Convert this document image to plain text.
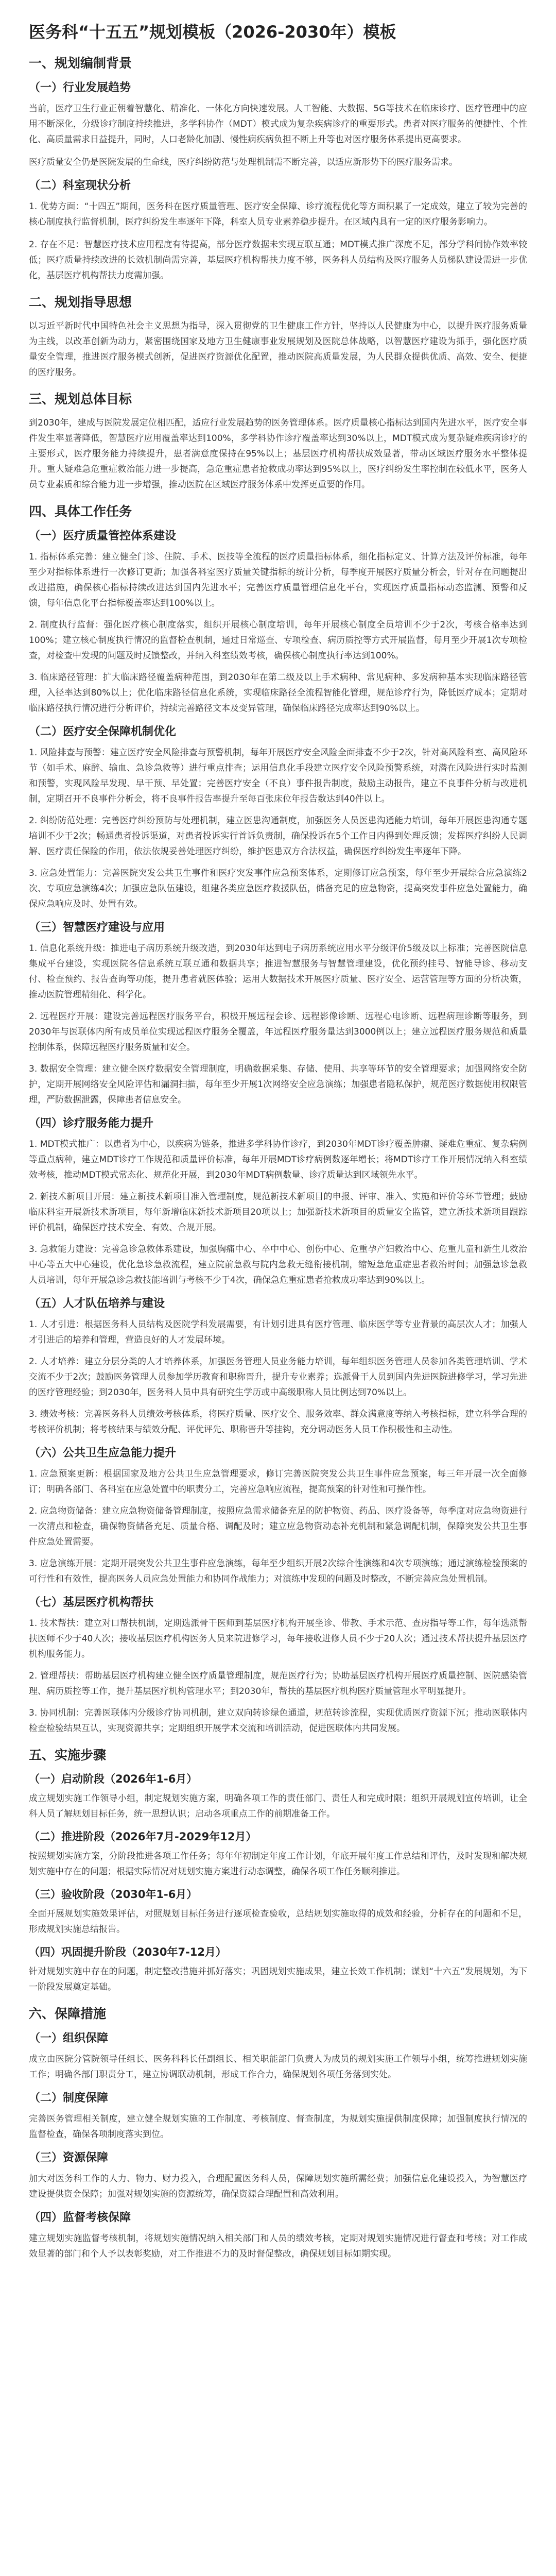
医务科“十五五”规划模板（2026-2030年）模板
一、规划编制背景
（一）行业发展趋势

当前，医疗卫生行业正朝着智慧化、精准化、一体化方向快速发展。人工智能、大数据、5G等技术在临床诊疗、医疗管理中的应用不断深化，分级诊疗制度持续推进，多学科协作（MDT）模式成为复杂疾病诊疗的重要形式。患者对医疗服务的便捷性、个性化、高质量需求日益提升，同时，人口老龄化加剧、慢性病疾病负担不断上升等也对医疗服务体系提出更高要求。

医疗质量安全仍是医院发展的生命线，医疗纠纷防范与处理机制需不断完善，以适应新形势下的医疗服务需求。

（二）科室现状分析

1. 优势方面：“十四五”期间，医务科在医疗质量管理、医疗安全保障、诊疗流程优化等方面积累了一定成效，建立了较为完善的核心制度执行监督机制，医疗纠纷发生率逐年下降，科室人员专业素养稳步提升。在区域内具有一定的医疗服务影响力。

2. 存在不足：智慧医疗技术应用程度有待提高，部分医疗数据未实现互联互通；MDT模式推广深度不足，部分学科间协作效率较低；医疗质量持续改进的长效机制尚需完善，基层医疗机构帮扶力度不够，医务科人员结构及医疗服务人员梯队建设需进一步优化，基层医疗机构帮扶力度需加强。

二、规划指导思想

以习近平新时代中国特色社会主义思想为指导，深入贯彻党的卫生健康工作方针，坚持以人民健康为中心，以提升医疗服务质量为主线，以改革创新为动力，紧密围绕国家及地方卫生健康事业发展规划及医院总体战略，以智慧医疗建设为抓手，强化医疗质量安全管理，推进医疗服务模式创新，促进医疗资源优化配置，推动医院高质量发展，为人民群众提供优质、高效、安全、便捷的医疗服务。

三、规划总体目标

到2030年，建成与医院发展定位相匹配，适应行业发展趋势的医务管理体系。医疗质量核心指标达到国内先进水平，医疗安全事件发生率显著降低，智慧医疗应用覆盖率达到100%，多学科协作诊疗覆盖率达到30%以上，MDT模式成为复杂疑难疾病诊疗的主要形式，医疗服务能力持续提升，患者满意度保持在95%以上；基层医疗机构帮扶成效显著，带动区域医疗服务水平整体提升。重大疑难急危重症救治能力进一步提高，急危重症患者抢救成功率达到95%以上，医疗纠纷发生率控制在较低水平，医务人员专业素质和综合能力进一步增强，推动医院在区域医疗服务体系中发挥更重要的作用。

四、具体工作任务
（一）医疗质量管控体系建设

1. 指标体系完善：建立健全门诊、住院、手术、医技等全流程的医疗质量指标体系，细化指标定义、计算方法及评价标准，每年至少对指标体系进行一次修订更新；加强各科室医疗质量关键指标的统计分析，每季度开展医疗质量分析会，针对存在问题提出改进措施，确保核心指标持续改进达到国内先进水平；完善医疗质量管理信息化平台，实现医疗质量指标动态监测、预警和反馈，每年信息化平台指标覆盖率达到100%以上。

2. 制度执行监督：强化医疗核心制度落实，组织开展核心制度培训，每年开展核心制度全员培训不少于2次，考核合格率达到100%；建立核心制度执行情况的监督检查机制，通过日常巡查、专项检查、病历质控等方式开展监督，每月至少开展1次专项检查，对检查中发现的问题及时反馈整改，并纳入科室绩效考核，确保核心制度执行率达到100%。

3. 临床路径管理：扩大临床路径覆盖病种范围，到2030年在第二级及以上手术病种、常见病种、多发病种基本实现临床路径管理，入径率达到80%以上；优化临床路径信息化系统，实现临床路径全流程智能化管理，规范诊疗行为，降低医疗成本；定期对临床路径执行情况进行分析评价，持续完善路径文本及变异管理，确保临床路径完成率达到90%以上。

（二）医疗安全保障机制优化

1. 风险排查与预警：建立医疗安全风险排查与预警机制，每年开展医疗安全风险全面排查不少于2次，针对高风险科室、高风险环节（如手术、麻醉、输血、急诊急救等）进行重点排查；运用信息化手段建立医疗安全风险预警系统，对潜在风险进行实时监测和预警，实现风险早发现、早干预、早处置；完善医疗安全（不良）事件报告制度，鼓励主动报告，建立不良事件分析与改进机制，定期召开不良事件分析会，将不良事件报告率提升至每百张床位年报告数达到40件以上。

2. 纠纷防范处理：完善医疗纠纷预防与处理机制，建立医患沟通制度，加强医务人员医患沟通能力培训，每年开展医患沟通专题培训不少于2次；畅通患者投诉渠道，对患者投诉实行首诉负责制，确保投诉在5个工作日内得到处理反馈；发挥医疗纠纷人民调解、医疗责任保险的作用，依法依规妥善处理医疗纠纷，维护医患双方合法权益，确保医疗纠纷发生率逐年下降。

3. 应急处置能力：完善医院突发公共卫生事件和医疗突发事件应急预案体系，定期修订应急预案，每年至少开展综合应急演练2次、专项应急演练4次；加强应急队伍建设，组建各类应急医疗救援队伍，储备充足的应急物资，提高突发事件应急处置能力，确保应急响应及时、处置有效。

（三）智慧医疗建设与应用

1. 信息化系统升级：推进电子病历系统升级改造，到2030年达到电子病历系统应用水平分级评价5级及以上标准；完善医院信息集成平台建设，实现医院各信息系统互联互通和数据共享；推进智慧服务与智慧管理建设，优化预约挂号、智能导诊、移动支付、检查预约、报告查询等功能，提升患者就医体验；运用大数据技术开展医疗质量、医疗安全、运营管理等方面的分析决策，推动医院管理精细化、科学化。

2. 远程医疗开展：建设完善远程医疗服务平台，积极开展远程会诊、远程影像诊断、远程心电诊断、远程病理诊断等服务，到2030年与医联体内所有成员单位实现远程医疗服务全覆盖，年远程医疗服务量达到3000例以上；建立远程医疗服务规范和质量控制体系，保障远程医疗服务质量和安全。

3. 数据安全管理：建立健全医疗数据安全管理制度，明确数据采集、存储、使用、共享等环节的安全管理要求；加强网络安全防护，定期开展网络安全风险评估和漏洞扫描，每年至少开展1次网络安全应急演练；加强患者隐私保护，规范医疗数据使用权限管理，严防数据泄露，保障患者信息安全。

（四）诊疗服务能力提升

1. MDT模式推广：以患者为中心，以疾病为链条，推进多学科协作诊疗，到2030年MDT诊疗覆盖肿瘤、疑难危重症、复杂病例等重点病种，建立MDT诊疗工作规范和质量评价标准，每年开展MDT诊疗病例数逐年增长；将MDT诊疗工作开展情况纳入科室绩效考核，推动MDT模式常态化、规范化开展，到2030年MDT病例数量、诊疗质量达到区域领先水平。

2. 新技术新项目开展：建立新技术新项目准入管理制度，规范新技术新项目的申报、评审、准入、实施和评价等环节管理；鼓励临床科室开展新技术新项目，每年新增临床新技术新项目20项以上；加强新技术新项目的质量安全监管，建立新技术新项目跟踪评价机制，确保医疗技术安全、有效、合规开展。

3. 急救能力建设：完善急诊急救体系建设，加强胸痛中心、卒中中心、创伤中心、危重孕产妇救治中心、危重儿童和新生儿救治中心等五大中心建设，优化急诊急救流程，建立院前急救与院内急救无缝衔接机制，缩短急危重症患者救治时间；加强急诊急救人员培训，每年开展急诊急救技能培训与考核不少于4次，确保急危重症患者抢救成功率达到90%以上。

（五）人才队伍培养与建设

1. 人才引进：根据医务科人员结构及医院学科发展需要，有计划引进具有医疗管理、临床医学等专业背景的高层次人才；加强人才引进后的培养和管理，营造良好的人才发展环境。

2. 人才培养：建立分层分类的人才培养体系，加强医务管理人员业务能力培训，每年组织医务管理人员参加各类管理培训、学术交流不少于2次；鼓励医务管理人员参加学历教育和职称晋升，提升专业素养；选派骨干人员到国内先进医院进修学习，学习先进的医疗管理经验；到2030年，医务科人员中具有研究生学历或中高级职称人员比例达到70%以上。

3. 绩效考核：完善医务科人员绩效考核体系，将医疗质量、医疗安全、服务效率、群众满意度等纳入考核指标，建立科学合理的考核评价机制；将考核结果与绩效分配、评优评先、职称晋升等挂钩，充分调动医务人员工作积极性和主动性。

（六）公共卫生应急能力提升

1. 应急预案更新：根据国家及地方公共卫生应急管理要求，修订完善医院突发公共卫生事件应急预案，每三年开展一次全面修订；明确各部门、各科室在应急处置中的职责分工，完善应急响应流程，提高预案的针对性和可操作性。

2. 应急物资储备：建立应急物资储备管理制度，按照应急需求储备充足的防护物资、药品、医疗设备等，每季度对应急物资进行一次清点和检查，确保物资储备充足、质量合格、调配及时；建立应急物资动态补充机制和紧急调配机制，保障突发公共卫生事件应急处置需要。

3. 应急演练开展：定期开展突发公共卫生事件应急演练，每年至少组织开展2次综合性演练和4次专项演练；通过演练检验预案的可行性和有效性，提高医务人员应急处置能力和协同作战能力；对演练中发现的问题及时整改，不断完善应急处置机制。

（七）基层医疗机构帮扶

1. 技术帮扶：建立对口帮扶机制，定期选派骨干医师到基层医疗机构开展坐诊、带教、手术示范、查房指导等工作，每年选派帮扶医师不少于40人次；接收基层医疗机构医务人员来院进修学习，每年接收进修人员不少于20人次；通过技术帮扶提升基层医疗机构服务能力。

2. 管理帮扶：帮助基层医疗机构建立健全医疗质量管理制度，规范医疗行为；协助基层医疗机构开展医疗质量控制、医院感染管理、病历质控等工作，提升基层医疗机构管理水平；到2030年，帮扶的基层医疗机构医疗质量管理水平明显提升。

3. 协同机制：完善医联体内分级诊疗协同机制，建立双向转诊绿色通道，规范转诊流程，实现优质医疗资源下沉；推动医联体内检查检验结果互认，实现资源共享；定期组织开展学术交流和培训活动，促进医联体内共同发展。

五、实施步骤
（一）启动阶段（2026年1-6月）

成立规划实施工作领导小组，制定规划实施方案，明确各项工作的责任部门、责任人和完成时限；组织开展规划宣传培训，让全科人员了解规划目标任务，统一思想认识；启动各项重点工作的前期准备工作。

（二）推进阶段（2026年7月-2029年12月）

按照规划实施方案，分阶段推进各项工作任务；每年年初制定年度工作计划，年底开展年度工作总结和评估，及时发现和解决规划实施中存在的问题；根据实际情况对规划实施方案进行动态调整，确保各项工作任务顺利推进。

（三）验收阶段（2030年1-6月）

全面开展规划实施效果评估，对照规划目标任务进行逐项检查验收，总结规划实施取得的成效和经验，分析存在的问题和不足，形成规划实施总结报告。

（四）巩固提升阶段（2030年7-12月）

针对规划实施中存在的问题，制定整改措施并抓好落实；巩固规划实施成果，建立长效工作机制；谋划“十六五”发展规划，为下一阶段发展奠定基础。

六、保障措施
（一）组织保障

成立由医院分管院领导任组长、医务科科长任副组长、相关职能部门负责人为成员的规划实施工作领导小组，统筹推进规划实施工作；明确各部门职责分工，建立协调联动机制，形成工作合力，确保规划各项任务落到实处。

（二）制度保障

完善医务管理相关制度，建立健全规划实施的工作制度、考核制度、督查制度，为规划实施提供制度保障；加强制度执行情况的监督检查，确保各项制度落实到位。

（三）资源保障

加大对医务科工作的人力、物力、财力投入，合理配置医务科人员，保障规划实施所需经费；加强信息化建设投入，为智慧医疗建设提供资金保障；加强对规划实施的资源统筹，确保资源合理配置和高效利用。

（四）监督考核保障

建立规划实施监督考核机制，将规划实施情况纳入相关部门和人员的绩效考核，定期对规划实施情况进行督查和考核；对工作成效显著的部门和个人予以表彰奖励，对工作推进不力的及时督促整改，确保规划目标如期实现。
